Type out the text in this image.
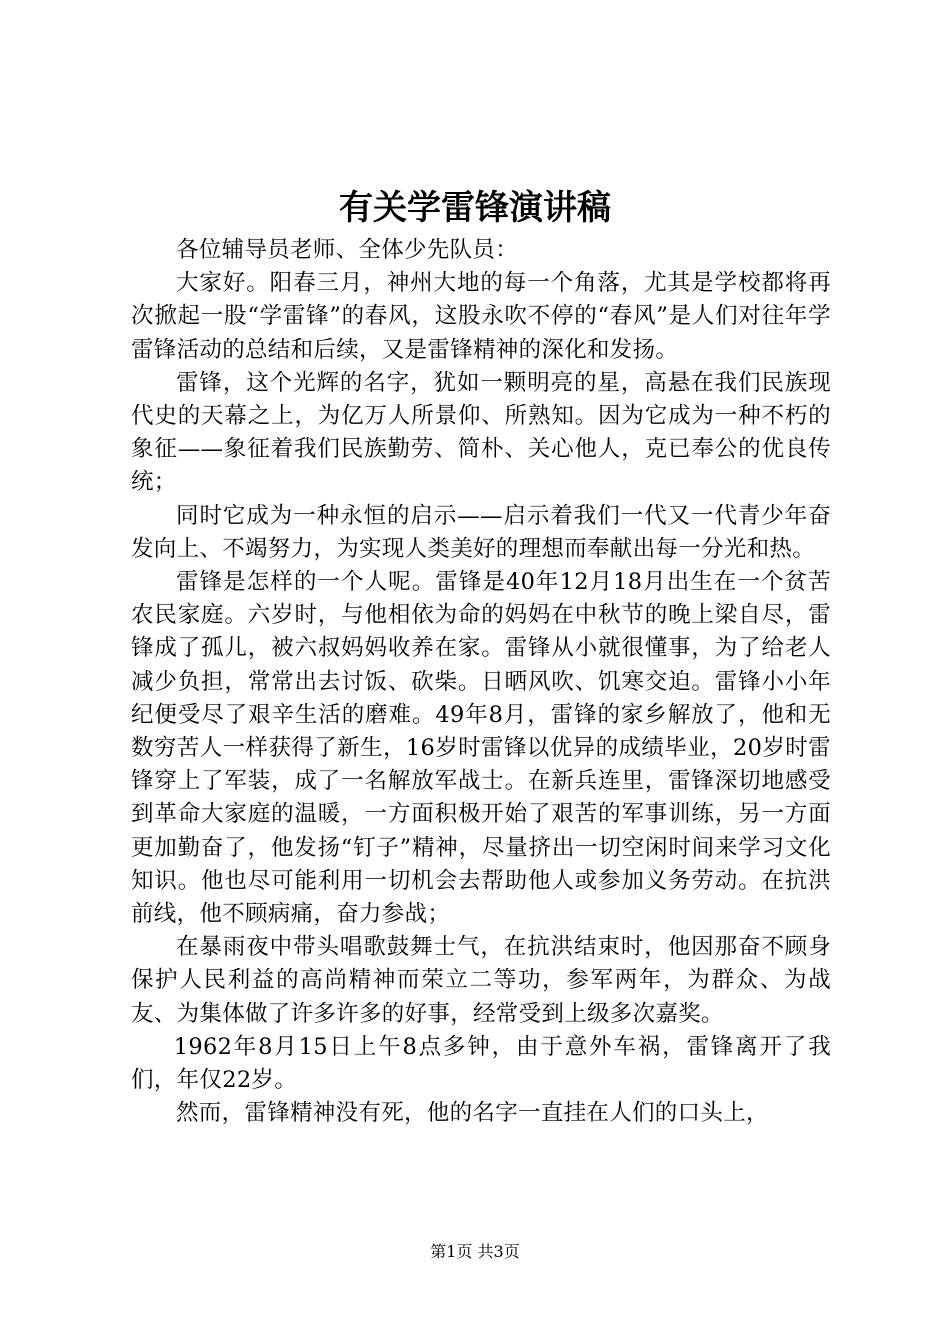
有关学雷锋演讲稿

各位辅导员老师、全体少先队员：

大家好。阳春三月，神州大地的每一个角落，尤其是学校都将再次掀起一股“学雷锋”的春风，这股永吹不停的“春风”是人们对往年学雷锋活动的总结和后续，又是雷锋精神的深化和发扬。

雷锋，这个光辉的名字，犹如一颗明亮的星，高悬在我们民族现代史的天幕之上，为亿万人所景仰、所熟知。因为它成为一种不朽的象征——象征着我们民族勤劳、简朴、关心他人，克已奉公的优良传统；

同时它成为一种永恒的启示——启示着我们一代又一代青少年奋发向上、不竭努力，为实现人类美好的理想而奉献出每一分光和热。

雷锋是怎样的一个人呢。雷锋是40年12月18月出生在一个贫苦农民家庭。六岁时，与他相依为命的妈妈在中秋节的晚上梁自尽，雷锋成了孤儿，被六叔妈妈收养在家。雷锋从小就很懂事，为了给老人减少负担，常常出去讨饭、砍柴。日晒风吹、饥寒交迫。雷锋小小年纪便受尽了艰辛生活的磨难。49年8月，雷锋的家乡解放了，他和无数穷苦人一样获得了新生，16岁时雷锋以优异的成绩毕业，20岁时雷锋穿上了军装，成了一名解放军战士。在新兵连里，雷锋深切地感受到革命大家庭的温暖，一方面积极开始了艰苦的军事训练，另一方面更加勤奋了，他发扬“钉子”精神，尽量挤出一切空闲时间来学习文化知识。他也尽可能利用一切机会去帮助他人或参加义务劳动。在抗洪前线，他不顾病痛，奋力参战；

在暴雨夜中带头唱歌鼓舞士气，在抗洪结束时，他因那奋不顾身保护人民利益的高尚精神而荣立二等功，参军两年，为群众、为战友、为集体做了许多许多的好事，经常受到上级多次嘉奖。

1962年8月15日上午8点多钟，由于意外车祸，雷锋离开了我们，年仅22岁。

然而，雷锋精神没有死，他的名字一直挂在人们的口头上，

第1页 共3页
